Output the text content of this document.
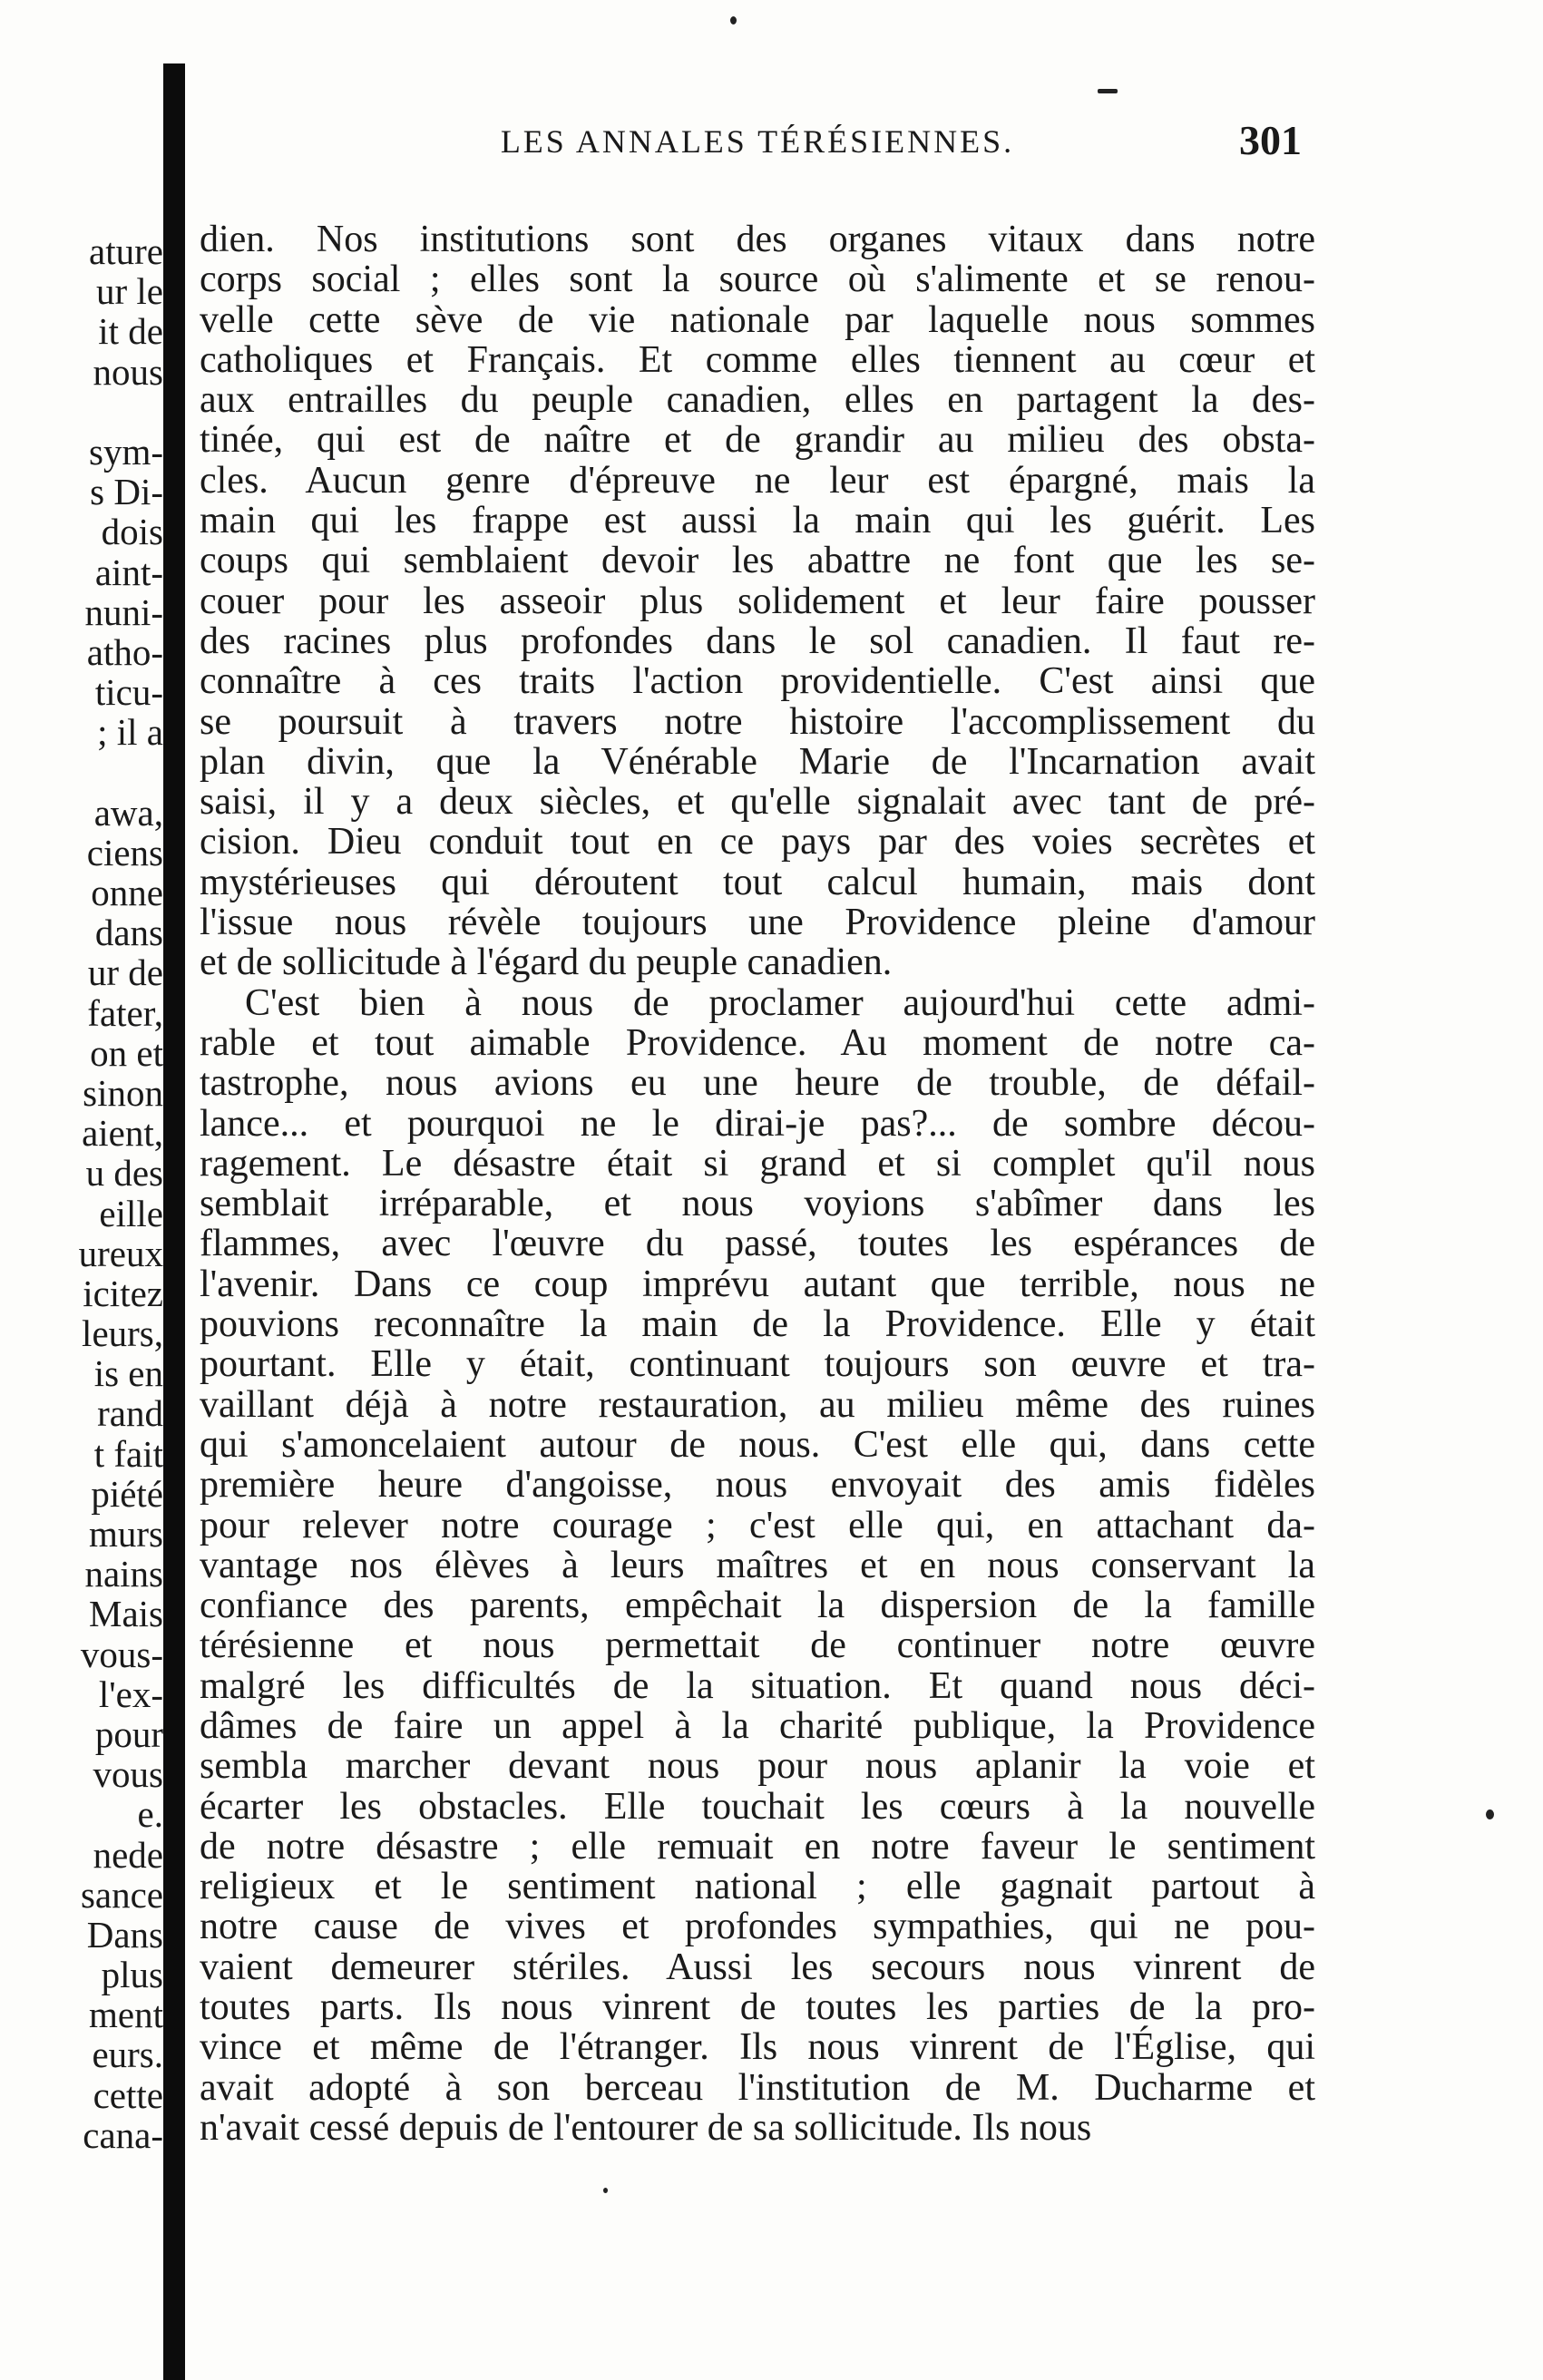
ature
ur le
it de
nous
sym-
s Di-
dois
aint-
nuni-
atho-
ticu-
; il a
awa,
ciens
onne
dans
ur de
fater,
on et
sinon
aient,
u des
eille
ureux
icitez
leurs,
is en
rand
t fait
piété
murs
nains
Mais
vous-
l'ex-
pour
vous
e.
nede
sance
Dans
plus
ment
eurs.
cette
cana-
LES ANNALES TÉRÉSIENNES.	301
dien. Nos institutions sont des organes vitaux dans notre
corps social ; elles sont la source où s'alimente et se renou-
velle cette sève de vie nationale par laquelle nous sommes
catholiques et Français. Et comme elles tiennent au cœur et
aux entrailles du peuple canadien, elles en partagent la des-
tinée, qui est de naître et de grandir au milieu des obsta-
cles. Aucun genre d'épreuve ne leur est épargné, mais la
main qui les frappe est aussi la main qui les guérit. Les
coups qui semblaient devoir les abattre ne font que les se-
couer pour les asseoir plus solidement et leur faire pousser
des racines plus profondes dans le sol canadien. Il faut re-
connaître à ces traits l'action providentielle. C'est ainsi que
se poursuit à travers notre histoire l'accomplissement du
plan divin, que la Vénérable Marie de l'Incarnation avait
saisi, il y a deux siècles, et qu'elle signalait avec tant de pré-
cision. Dieu conduit tout en ce pays par des voies secrètes et
mystérieuses qui déroutent tout calcul humain, mais dont
l'issue nous révèle toujours une Providence pleine d'amour
et de sollicitude à l'égard du peuple canadien.
C'est bien à nous de proclamer aujourd'hui cette admi-
rable et tout aimable Providence. Au moment de notre ca-
tastrophe, nous avions eu une heure de trouble, de défail-
lance... et pourquoi ne le dirai-je pas?... de sombre décou-
ragement. Le désastre était si grand et si complet qu'il nous
semblait irréparable, et nous voyions s'abîmer dans les
flammes, avec l'œuvre du passé, toutes les espérances de
l'avenir. Dans ce coup imprévu autant que terrible, nous ne
pouvions reconnaître la main de la Providence. Elle y était
pourtant. Elle y était, continuant toujours son œuvre et tra-
vaillant déjà à notre restauration, au milieu même des ruines
qui s'amoncelaient autour de nous. C'est elle qui, dans cette
première heure d'angoisse, nous envoyait des amis fidèles
pour relever notre courage ; c'est elle qui, en attachant da-
vantage nos élèves à leurs maîtres et en nous conservant la
confiance des parents, empêchait la dispersion de la famille
térésienne et nous permettait de continuer notre œuvre
malgré les difficultés de la situation. Et quand nous déci-
dâmes de faire un appel à la charité publique, la Providence
sembla marcher devant nous pour nous aplanir la voie et
écarter les obstacles. Elle touchait les cœurs à la nouvelle
de notre désastre ; elle remuait en notre faveur le sentiment
religieux et le sentiment national ; elle gagnait partout à
notre cause de vives et profondes sympathies, qui ne pou-
vaient demeurer stériles. Aussi les secours nous vinrent de
toutes parts. Ils nous vinrent de toutes les parties de la pro-
vince et même de l'étranger. Ils nous vinrent de l'Église, qui
avait adopté à son berceau l'institution de M. Ducharme et
n'avait cessé depuis de l'entourer de sa sollicitude. Ils nous
